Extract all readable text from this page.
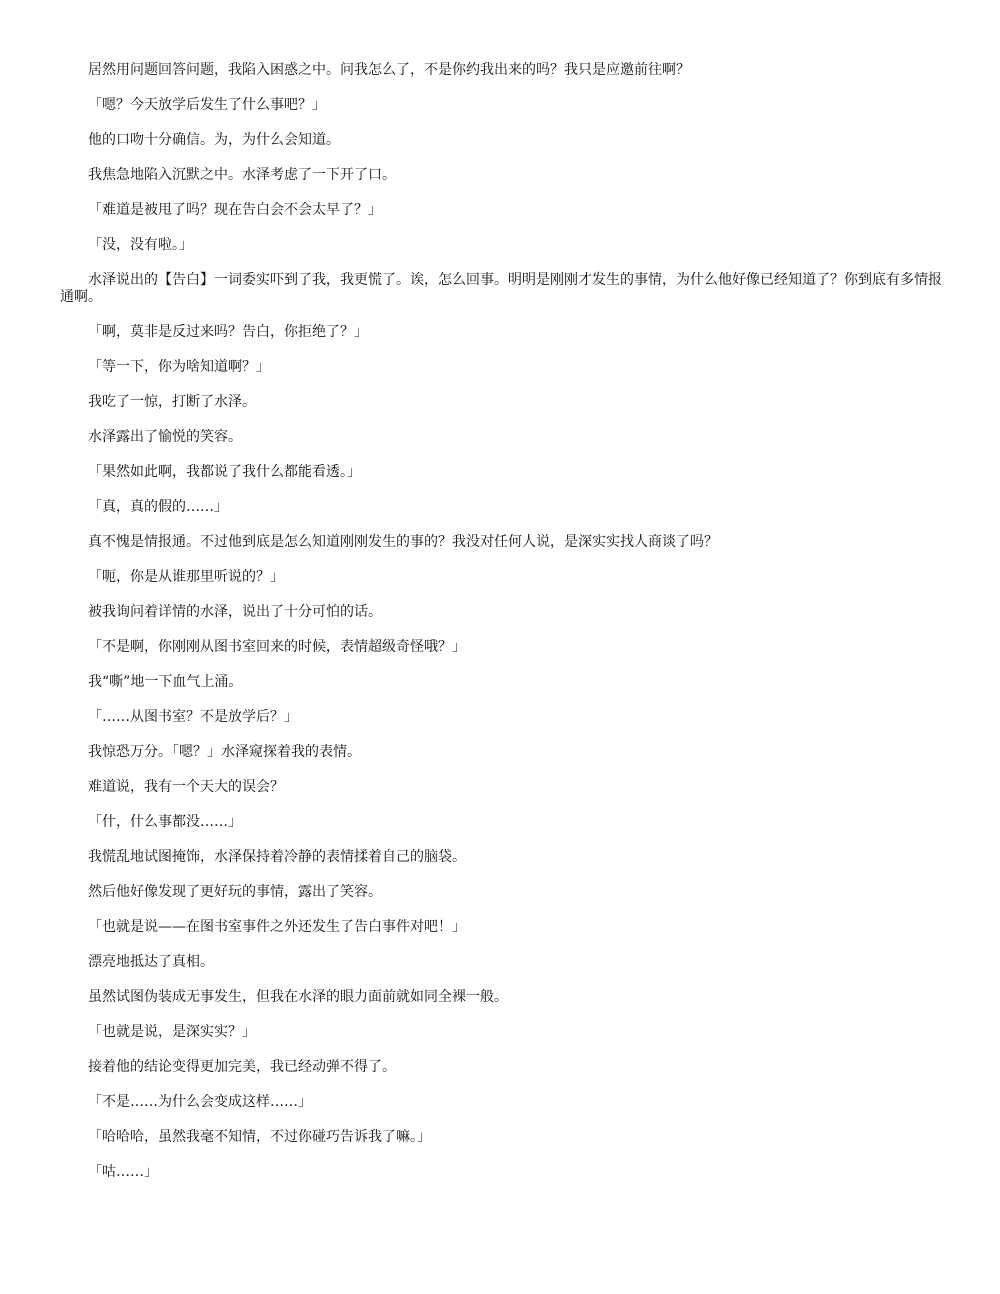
居然用问题回答问题，我陷入困惑之中。问我怎么了，不是你约我出来的吗？我只是应邀前往啊？

「嗯？今天放学后发生了什么事吧？」

他的口吻十分确信。为，为什么会知道。

我焦急地陷入沉默之中。水泽考虑了一下开了口。

「难道是被甩了吗？现在告白会不会太早了？」

「没，没有啦。」

水泽说出的【告白】一词委实吓到了我，我更慌了。诶，怎么回事。明明是刚刚才发生的事情，为什么他好像已经知道了？你到底有多情报通啊。

「啊，莫非是反过来吗？告白，你拒绝了？」

「等一下，你为啥知道啊？」

我吃了一惊，打断了水泽。

水泽露出了愉悦的笑容。

「果然如此啊，我都说了我什么都能看透。」

「真，真的假的……」

真不愧是情报通。不过他到底是怎么知道刚刚发生的事的？我没对任何人说，是深实实找人商谈了吗？

「呃，你是从谁那里听说的？」

被我询问着详情的水泽，说出了十分可怕的话。

「不是啊，你刚刚从图书室回来的时候，表情超级奇怪哦？」

我“嘶”地一下血气上涌。

「……从图书室？不是放学后？」

我惊恐万分。「嗯？」水泽窥探着我的表情。

难道说，我有一个天大的误会？

「什，什么事都没……」

我慌乱地试图掩饰，水泽保持着冷静的表情揉着自己的脑袋。

然后他好像发现了更好玩的事情，露出了笑容。

「也就是说——在图书室事件之外还发生了告白事件对吧！」

漂亮地抵达了真相。

虽然试图伪装成无事发生，但我在水泽的眼力面前就如同全裸一般。

「也就是说，是深实实？」

接着他的结论变得更加完美，我已经动弹不得了。

「不是……为什么会变成这样……」

「哈哈哈，虽然我毫不知情，不过你碰巧告诉我了嘛。」

「咕……」
